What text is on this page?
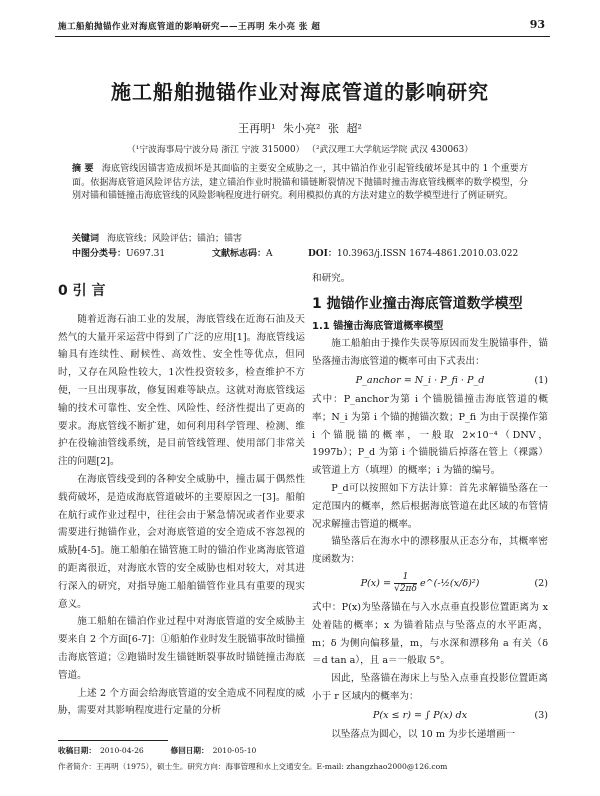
施工船舶抛锚作业对海底管道的影响研究——王再明 朱小亮 张 超	93
施工船舶抛锚作业对海底管道的影响研究
王再明¹ 朱小亮² 张 超²
（¹宁波海事局宁波分局 浙江 宁波 315000） （²武汉理工大学航运学院 武汉 430063）
摘 要 海底管线因锚害造成损坏是其面临的主要安全威胁之一，其中锚泊作业引起管线破坏是其中的 1 个重要方面。依据海底管道风险评估方法，建立锚泊作业时脱锚和锚链断裂情况下抛锚时撞击海底管线概率的数学模型，分别对锚和锚链撞击海底管线的风险影响程度进行研究。利用模拟仿真的方法对建立的数学模型进行了例证研究。
关键词 海底管线；风险评估；锚泊；锚害
中图分类号：U697.31	文献标志码：A	DOI：10.3963/j.ISSN 1674-4861.2010.03.022
0 引 言

随着近海石油工业的发展，海底管线在近海石油及天然气的大量开采运营中得到了广泛的应用[1]。海底管线运输具有连续性、耐候性、高效性、安全性等优点，但同时，又存在风险性较大，1次性投资较多，检查维护不方便，一旦出现事故，修复困难等缺点。这就对海底管线运输的技术可靠性、安全性、风险性、经济性提出了更高的要求。海底管线不断扩建，如何利用科学管理、检测、维护在役输油管线系统，是目前管线管理、使用部门非常关注的问题[2]。

在海底管线受到的各种安全威胁中，撞击属于偶然性载荷破坏，是造成海底管道破坏的主要原因之一[3]。船舶在航行或作业过程中，往往会由于紧急情况或者作业要求需要进行抛锚作业，会对海底管道的安全造成不容忽视的威胁[4-5]。施工船舶在锚管施工时的锚泊作业离海底管道的距离很近，对海底水管的安全威胁也相对较大，对其进行深入的研究，对指导施工船舶锚管作业具有重要的现实意义。

施工船舶在锚泊作业过程中对海底管道的安全威胁主要来自 2 个方面[6-7]：①船舶作业时发生脱锚事故时锚撞击海底管道；②跑锚时发生锚链断裂事故时锚链撞击海底管道。

上述 2 个方面会给海底管道的安全造成不同程度的威胁，需要对其影响程度进行定量的分析

和研究。

1 抛锚作业撞击海底管道数学模型
1.1 锚撞击海底管道概率模型

施工船舶由于操作失误等原因而发生脱锚事件，锚坠落撞击海底管道的概率可由下式表出：

P_anchor = N_i · P_fi · P_d	(1)

式中：P_anchor为第 i 个锚脱锚撞击海底管道的概率；N_i 为第 i 个锚的抛锚次数；P_fi 为由于误操作第 i 个锚脱锚的概率，一般取 2×10⁻⁴（DNV，1997b）；P_d 为第 i 个锚脱锚后掉落在管上（裸露）或管道上方（填埋）的概率；i 为锚的编号。

P_d可以按照如下方法计算：首先求解锚坠落在一定范围内的概率，然后根据海底管道在此区域的布管情况求解撞击管道的概率。

锚坠落后在海水中的漂移服从正态分布，其概率密度函数为：

$P(x) = \frac{1}{√2\pi\delta}$ e^(-½(x/δ)²)	(2)

式中：P(x)为坠落锚在与入水点垂直投影位置距离为 x 处着陆的概率；x 为锚着陆点与坠落点的水平距离，m；δ 为侧向偏移量，m，与水深和漂移角 a 有关（δ＝d tan a），且 a＝一般取 5°。

因此，坠落锚在海床上与坠入点垂直投影位置距离小于 r 区域内的概率为：

P(x ≤ r) = ∫ P(x) dx	(3)

以坠落点为圆心，以 10 m 为步长递增画一

收稿日期： 2010-04-26	修回日期： 2010-05-10
作者简介：王再明（1975），硕士生。研究方向：海事管理和水上交通安全。E-mail: zhangzhao2000@126.com
